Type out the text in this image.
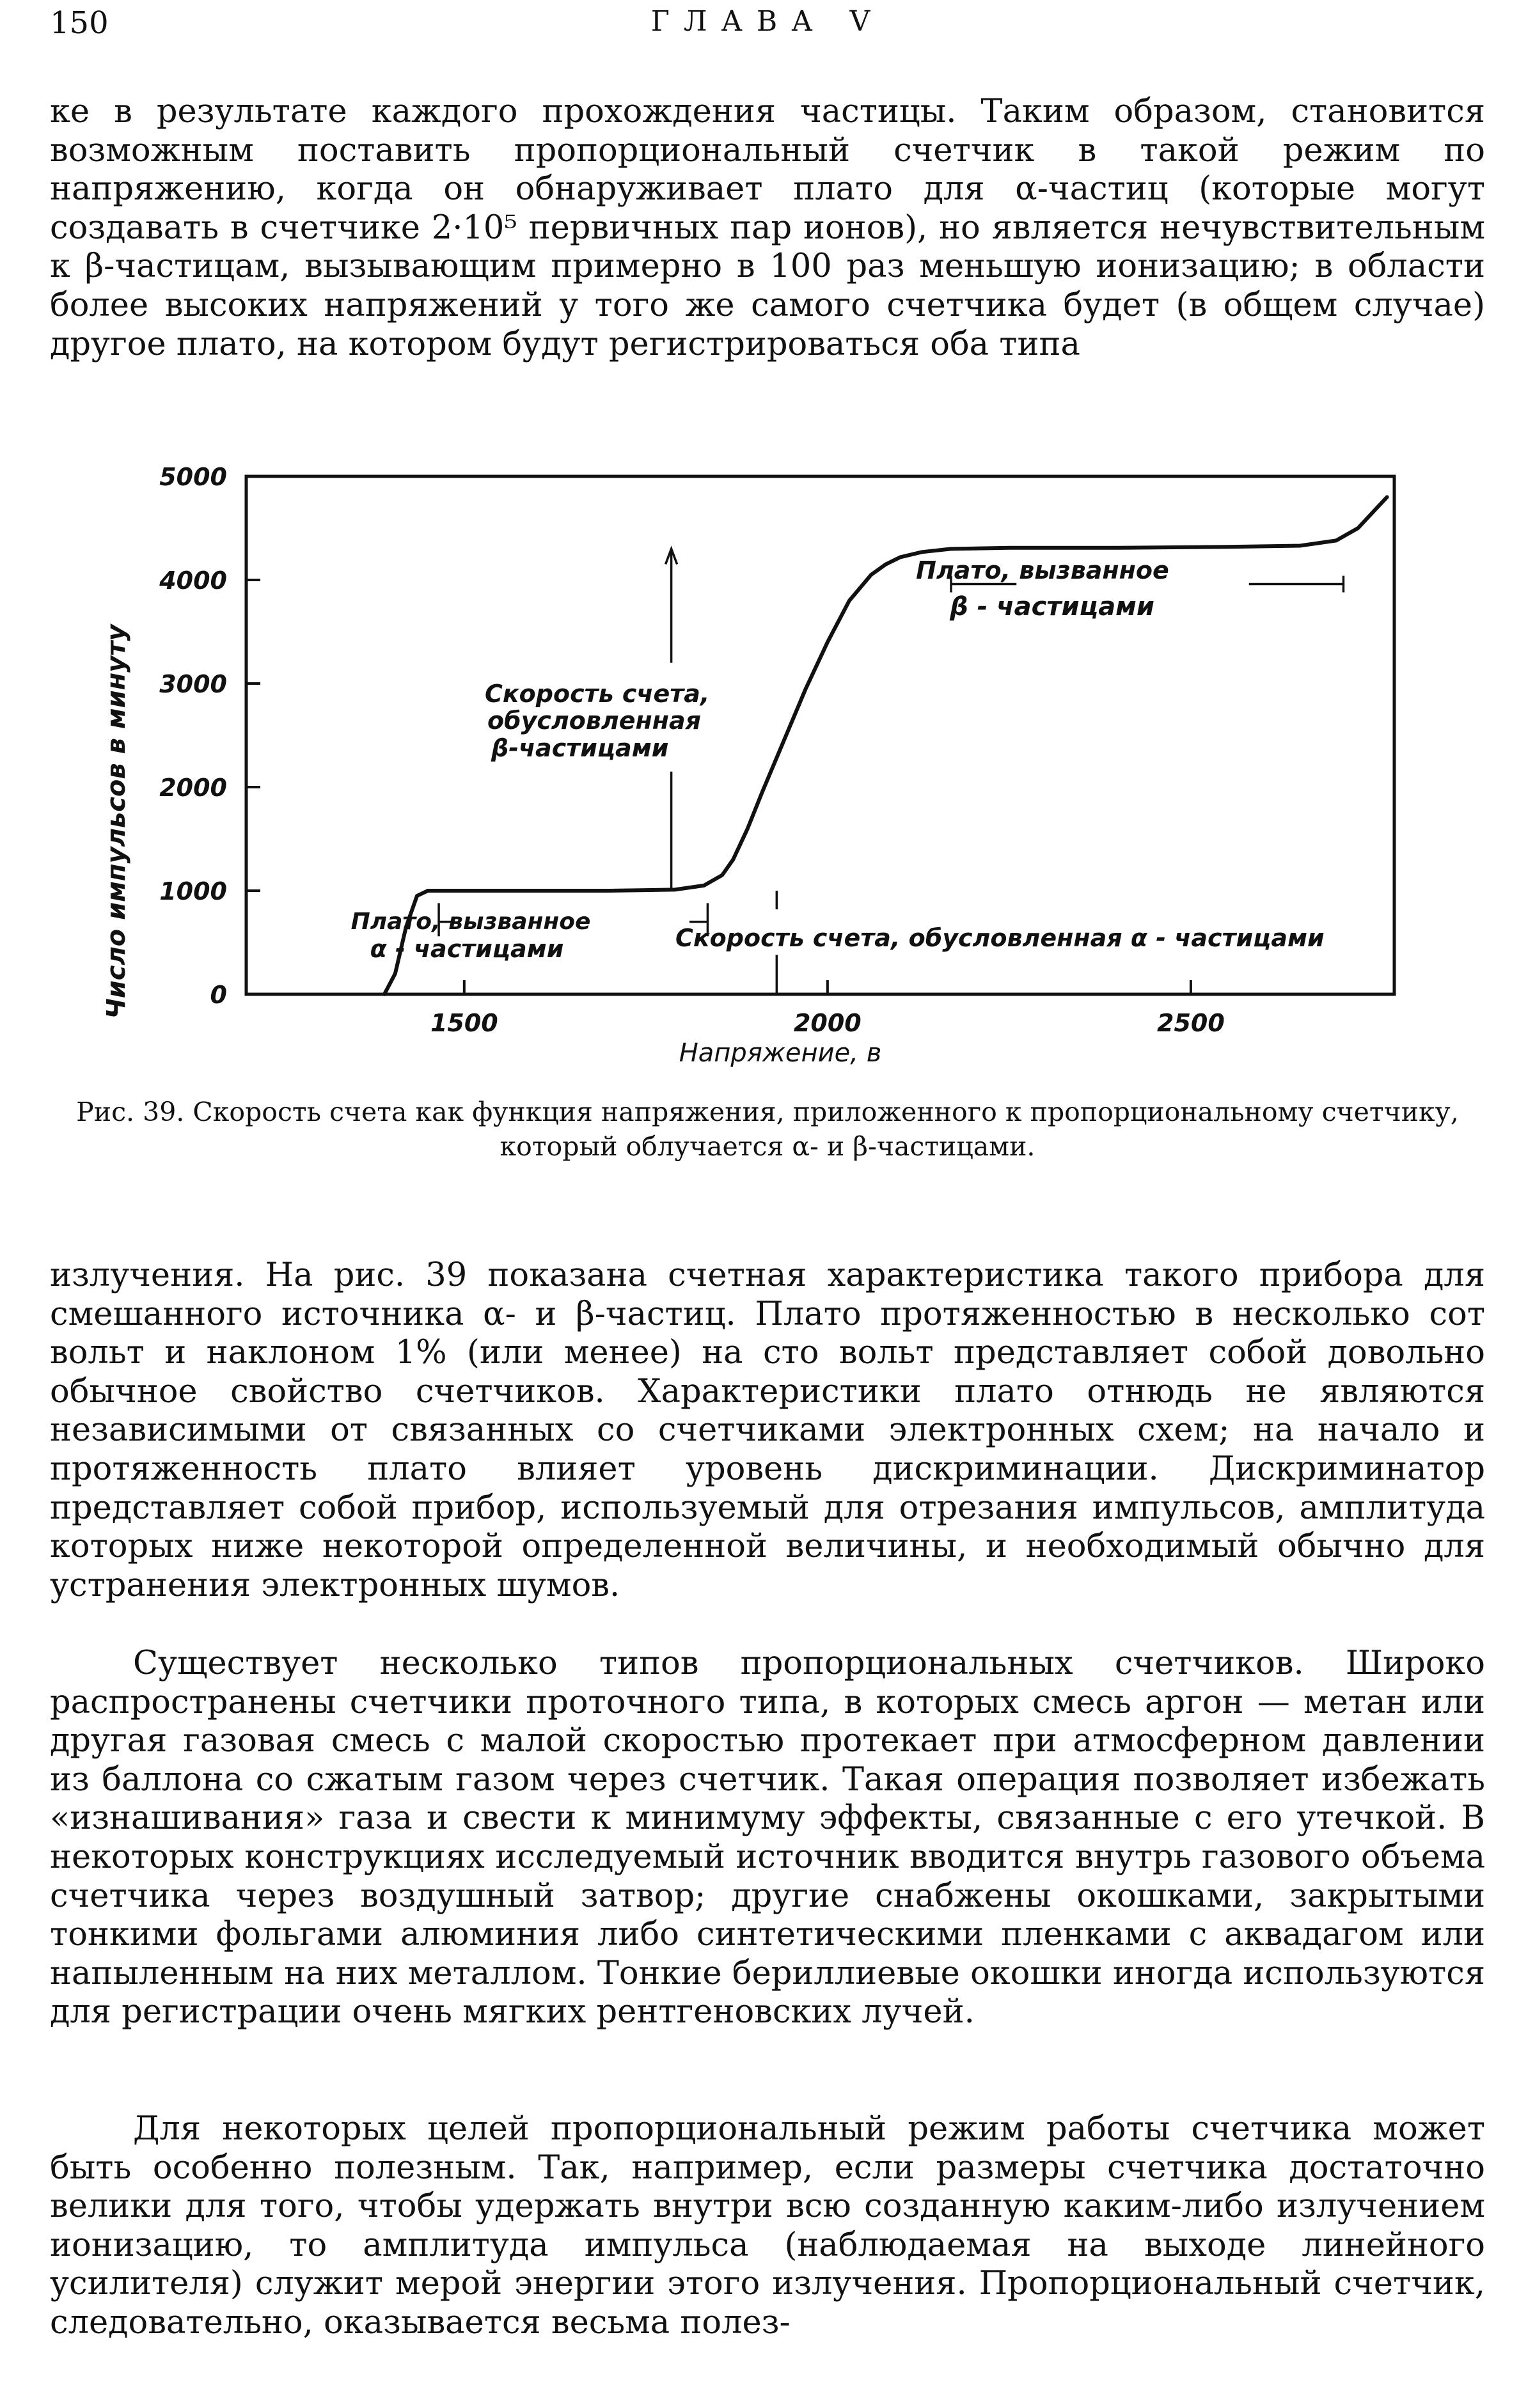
150	ГЛАВА V

ке в результате каждого прохождения частицы. Таким образом, становится возможным поставить пропорциональный счетчик в такой режим по напряжению, когда он обнаруживает плато для α-частиц (которые могут создавать в счетчике 2·10⁵ первичных пар ионов), но является нечувствительным к β-частицам, вызывающим примерно в 100 раз меньшую ионизацию; в области более высоких напряжений у того же самого счетчика будет (в общем случае) другое плато, на котором будут регистрироваться оба типа

0
1000
2000
3000
4000
5000
1500	2000	2500
Число импульсов в минуту
Напряжение, в
Плато, вызванное
β - частицами
Скорость счета,
обусловленная
β-частицами
Плато, вызванное
α - частицами	Скорость счета, обусловленная α - частицами

Рис. 39. Скорость счета как функция напряжения, приложенного к пропорциональному счетчику, который облучается α- и β-частицами.

излучения. На рис. 39 показана счетная характеристика такого прибора для смешанного источника α- и β-частиц. Плато протяженностью в несколько сот вольт и наклоном 1% (или менее) на сто вольт представляет собой довольно обычное свойство счетчиков. Характеристики плато отнюдь не являются независимыми от связанных со счетчиками электронных схем; на начало и протяженность плато влияет уровень дискриминации. Дискриминатор представляет собой прибор, используемый для отрезания импульсов, амплитуда которых ниже некоторой определенной величины, и необходимый обычно для устранения электронных шумов.

Существует несколько типов пропорциональных счетчиков. Широко распространены счетчики проточного типа, в которых смесь аргон — метан или другая газовая смесь с малой скоростью протекает при атмосферном давлении из баллона со сжатым газом через счетчик. Такая операция позволяет избежать «изнашивания» газа и свести к минимуму эффекты, связанные с его утечкой. В некоторых конструкциях исследуемый источник вводится внутрь газового объема счетчика через воздушный затвор; другие снабжены окошками, закрытыми тонкими фольгами алюминия либо синтетическими пленками с аквадагом или напыленным на них металлом. Тонкие бериллиевые окошки иногда используются для регистрации очень мягких рентгеновских лучей.

Для некоторых целей пропорциональный режим работы счетчика может быть особенно полезным. Так, например, если размеры счетчика достаточно велики для того, чтобы удержать внутри всю созданную каким-либо излучением ионизацию, то амплитуда импульса (наблюдаемая на выходе линейного усилителя) служит мерой энергии этого излучения. Пропорциональный счетчик, следовательно, оказывается весьма полез-
